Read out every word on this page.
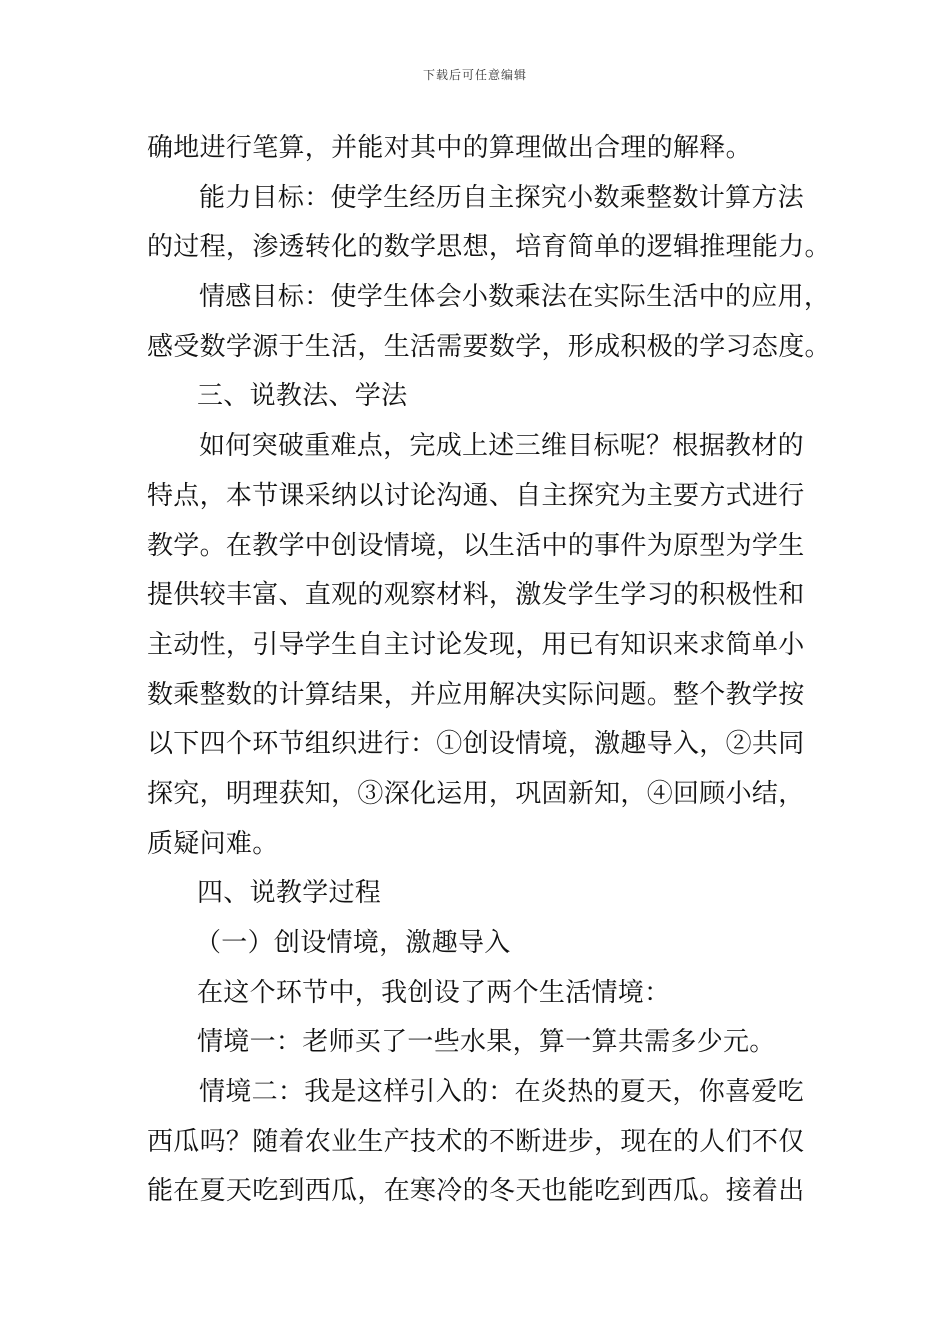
下载后可任意编辑
确地进行笔算，并能对其中的算理做出合理的解释。
能力目标：使学生经历自主探究小数乘整数计算方法
的过程，渗透转化的数学思想，培育简单的逻辑推理能力。
情感目标：使学生体会小数乘法在实际生活中的应用，
感受数学源于生活，生活需要数学，形成积极的学习态度。
三、说教法、学法
如何突破重难点，完成上述三维目标呢？根据教材的
特点，本节课采纳以讨论沟通、自主探究为主要方式进行
教学。在教学中创设情境，以生活中的事件为原型为学生
提供较丰富、直观的观察材料，激发学生学习的积极性和
主动性，引导学生自主讨论发现，用已有知识来求简单小
数乘整数的计算结果，并应用解决实际问题。整个教学按
以下四个环节组织进行：①创设情境，激趣导入，②共同
探究，明理获知，③深化运用，巩固新知，④回顾小结，
质疑问难。
四、说教学过程
（一）创设情境，激趣导入
在这个环节中，我创设了两个生活情境：
情境一：老师买了一些水果，算一算共需多少元。
情境二：我是这样引入的：在炎热的夏天，你喜爱吃
西瓜吗？随着农业生产技术的不断进步，现在的人们不仅
能在夏天吃到西瓜，在寒冷的冬天也能吃到西瓜。接着出
